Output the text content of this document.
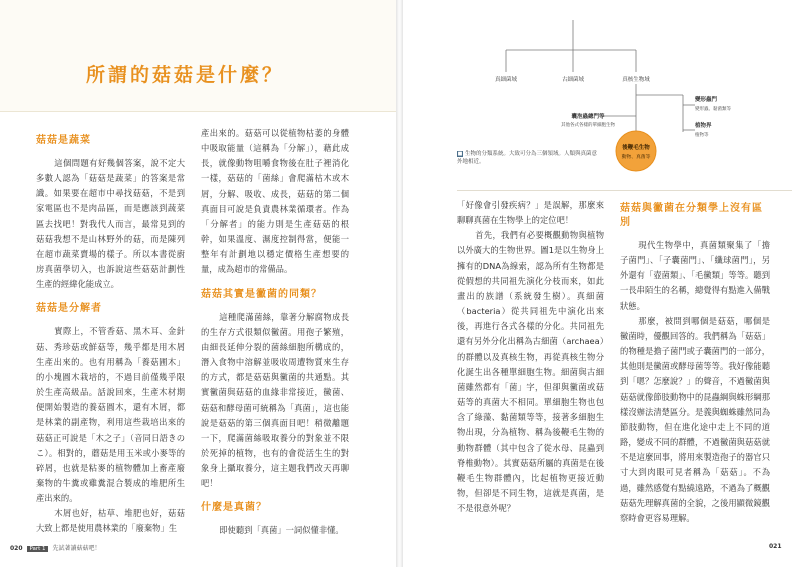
所謂的菇菇是什麼？
菇菇是蔬菜

這個問題有好幾個答案，說不定大多數人認為「菇菇是蔬菜」的答案是常識。如果要在超市中尋找菇菇，不是到家電區也不是肉品區，而是應該到蔬菜區去找吧！對我代人而言，最常見到的菇菇我想不是山林野外的菇，而是陳列在超市蔬菜賣場的樣子。所以本書從廚房真菌學切入，也訴說這些菇菇計劃性生產的經緯化能成立。

菇菇是分解者

實際上，不管香菇、黑木耳、金針菇、秀珍菇或鮮菇等，幾乎都是用木屑生產出來的。也有用稱為「養菇圃木」的小塊圓木栽培的，不過目前僅幾乎限於生產高級品。話說回來，生產木材期便開始製造的養菇圓木，還有木屑，都是林業的副產物，利用這些栽培出來的菇菇正可說是「木之子」（音同日語きのこ）。相對的，蘑菇是用玉米或小麥等的碎屑，也就是粘麥的植物體加上畜產廢棄物的牛糞或雞糞混合製成的堆肥所生產出來的。

木屑也好，枯草、堆肥也好，菇菇大致上都是使用農林業的「廢棄物」生

產出來的。菇菇可以從植物枯萎的身體中吸取能量（這稱為「分解」），藉此成長，就像動物咀嚼食物後在肚子裡消化一樣，菇菇的「菌絲」會爬滿枯木或木屑，分解、吸收、成長，菇菇的第二個真面目可說是負責農林業循環者。作為「分解者」的能力則是生產菇菇的根幹，如果溫度、濕度控制得當，便能一整年有計劃地以穩定價格生產想要的量，成為超市的常備品。

菇菇其實是黴菌的同類？

這種爬滿菌絲，靠著分解腐物成長的生存方式很類似黴菌。用孢子繁殖，由細長延伸分裂的菌絲細胞所構成的，潛入食物中溶解並吸收周遭物質來生存的方式，都是菇菇與黴菌的共通點。其實黴菌與菇菇的血緣非常接近，黴菌、菇菇和酵母菌可統稱為「真菌」，這也能說是菇菇的第三個真面目吧！稍微離題一下，爬滿菌絲吸取養分的對象並不限於死掉的植物，也有的會從活生生的對象身上攝取養分，這主題我們改天再聊吧！

什麼是真菌？

即使聽到「真菌」一詞似懂非懂。

020 Part 1 先試著讀菇菇吧！
真細菌域	古細菌域	真核生物域
囊泡蟲總門等
其他各式各樣的單細胞生物
變形蟲門
變形蟲、黏菌類等
植物界
植物等
後鞭毛生物
動物、真菌等
■ 生物的分類系統。大致可分為三個領域。人類與真菌意外地相近。

「好像會引發疾病？」是誤解，那麼來聊聊真菌在生物學上的定位吧！

首先，我們有必要概觀動物與植物以外廣大的生物世界。圖1是以生物身上擁有的DNA為線索，認為所有生物都是從假想的共同祖先演化分枝而來，如此畫出的族譜（系統發生樹）。真細菌（bacteria）從共同祖先中演化出來後，再進行各式各樣的分化。共同祖先還有另外分化出稱為古細菌（archaea）的群體以及真核生物，再從真核生物分化誕生出各種單細胞生物。細菌與古細菌雖然都有「菌」字，但卻與黴菌或菇菇等的真菌大不相同。單細胞生物也包含了綠藻、黏菌類等等，接著多細胞生物出現，分為植物、稱為後鞭毛生物的動物群體（其中包含了從水母、昆蟲到脊椎動物）。其實菇菇所屬的真菌是在後鞭毛生物群體內，比起植物更接近動物，但卻是不同生物，這就是真菌，是不是很意外呢？

菇菇與黴菌在分類學上沒有區別

現代生物學中，真菌類聚集了「擔子菌門」、「子囊菌門」、「纖球菌門」，另外還有「壺菌類」、「毛黴類」等等。聽到一長串陌生的名稱，總覺得有點進入備戰狀態。

那麼，被問到哪個是菇菇，哪個是黴菌時，優觀回答的。我們稱為「菇菇」的物種是擔子菌門或子囊菌門的一部分，其他則是黴菌或酵母菌等等。我好像能聽到「嗯？怎麼說？」的聲音，不過黴菌與菇菇就像節肢動物中的昆蟲綱與蛛形綱那樣沒辦法清楚區分。是義與蜘蛛雖然同為節肢動物，但在進化途中走上不同的道路，變成不同的群體，不過黴菌與菇菇就不是這麼回事，將用來製造孢子的器官只寸大到肉眼可見者稱為「菇菇」。不為過，雖然感覺有點繞遠路，不過為了概觀菇菇先理解真菌的全貌，之後用顯微鏡觀察時會更容易理解。

021
